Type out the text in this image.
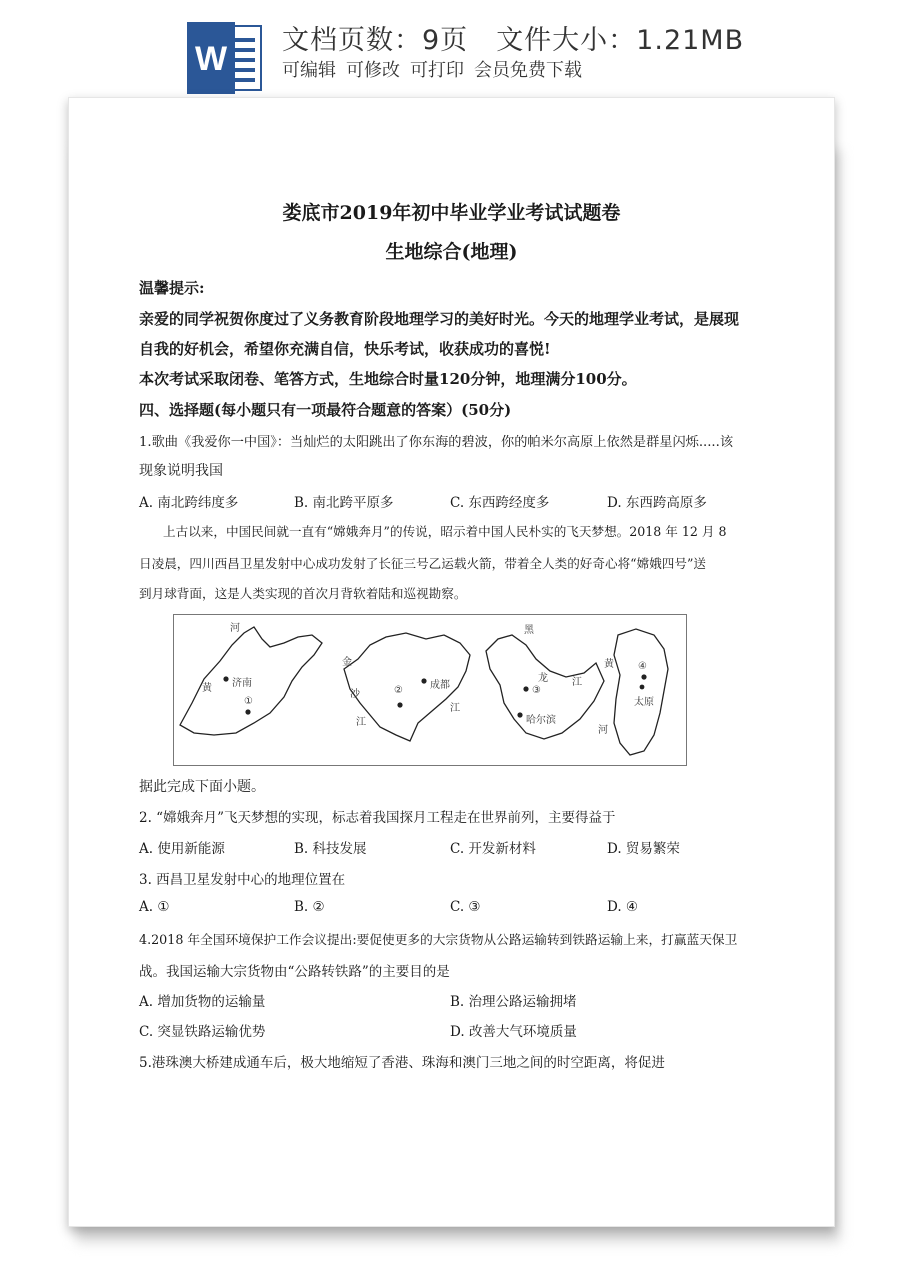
W 文档页数：9页 文件大小：1.21MB
可编辑 可修改 可打印 会员免费下载
娄底市2019年初中毕业学业考试试题卷
生地综合(地理)
温馨提示:
亲爱的同学祝贺你度过了义务教育阶段地理学习的美好时光。今天的地理学业考试，是展现
自我的好机会，希望你充满自信，快乐考试，收获成功的喜悦!
本次考试采取闭卷、笔答方式，生地综合时量120分钟，地理满分100分。
四、选择题(每小题只有一项最符合题意的答案）(50分)
1.歌曲《我爱你一中国》：当灿烂的太阳跳出了你东海的碧波，你的帕米尔高原上依然是群星闪烁.....该
现象说明我国
A. 南北跨纬度多	B. 南北跨平原多	C. 东西跨经度多	D. 东西跨高原多
上古以来，中国民间就一直有“嫦娥奔月”的传说，昭示着中国人民朴实的飞天梦想。2018 年 12 月 8
日凌晨，四川西昌卫星发射中心成功发射了长征三号乙运载火箭，带着全人类的好奇心将“嫦娥四号”送
到月球背面，这是人类实现的首次月背软着陆和巡视勘察。
河
黄 济南
①
金
沙
江
②	成都
江
黑
龙 江
③
哈尔滨
黄 ④
太原
河
据此完成下面小题。
2. “嫦娥奔月”飞天梦想的实现，标志着我国探月工程走在世界前列，主要得益于
A. 使用新能源	B. 科技发展	C. 开发新材料	D. 贸易繁荣
3. 西昌卫星发射中心的地理位置在
A. ①	B. ②	C. ③	D. ④
4.2018 年全国环境保护工作会议提出:要促使更多的大宗货物从公路运输转到铁路运输上来，打赢蓝天保卫
战。我国运输大宗货物由“公路转铁路”的主要目的是
A. 增加货物的运输量	B. 治理公路运输拥堵
C. 突显铁路运输优势	D. 改善大气环境质量
5.港珠澳大桥建成通车后，极大地缩短了香港、珠海和澳门三地之间的时空距离，将促进
